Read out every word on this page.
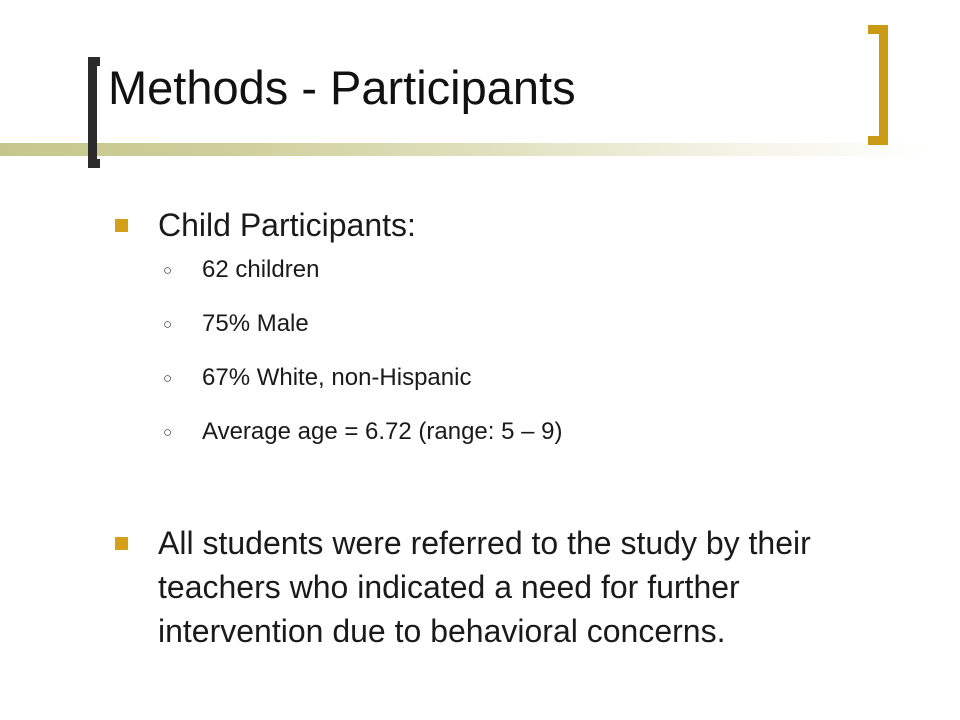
Methods - Participants
Child Participants:
○ 62 children
○ 75% Male
○ 67% White, non-Hispanic
○ Average age = 6.72 (range: 5 – 9)
All students were referred to the study by their teachers who indicated a need for further intervention due to behavioral concerns.
